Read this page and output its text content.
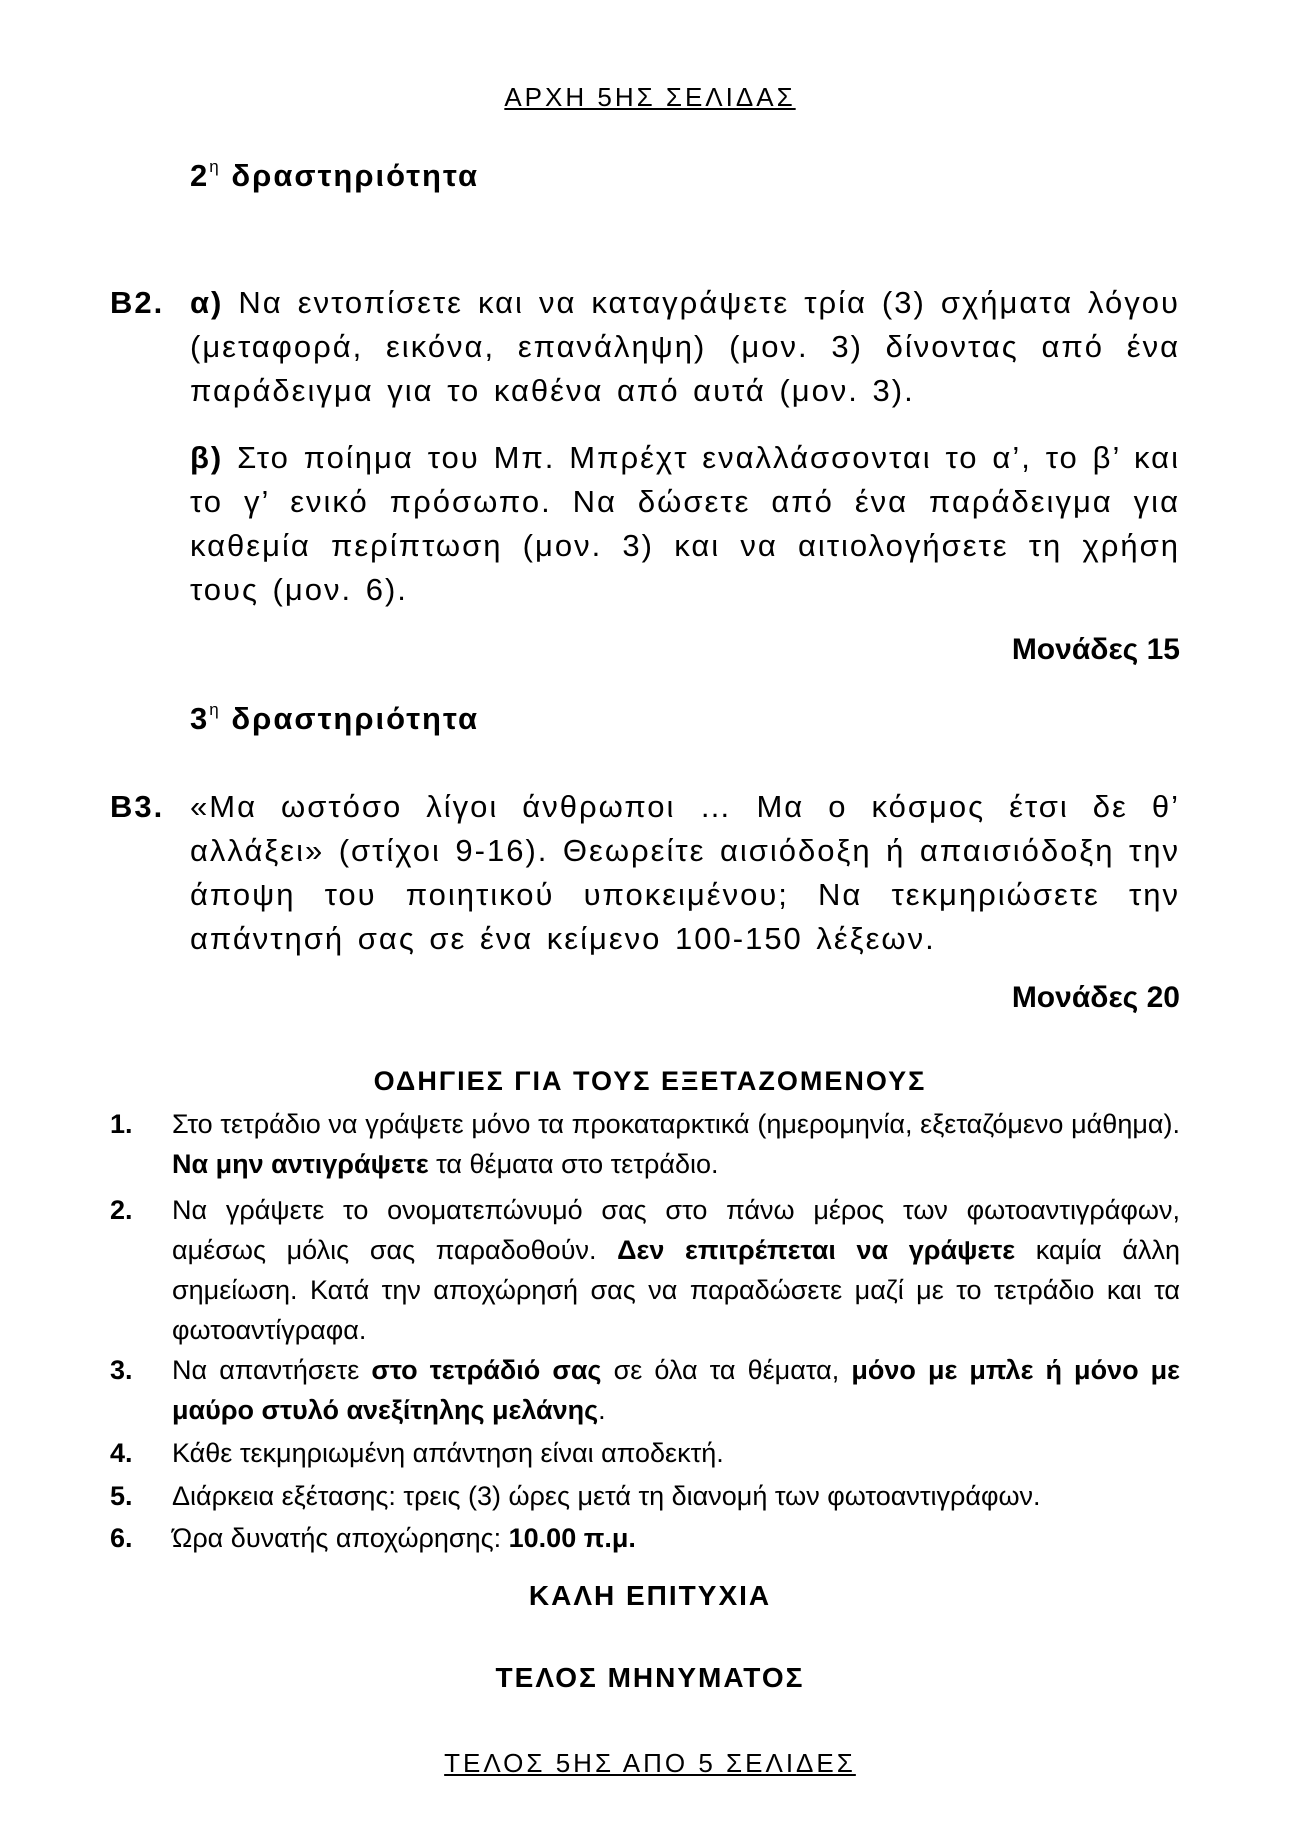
ΑΡΧΗ 5ΗΣ ΣΕΛΙΔΑΣ
$2^\eta$ δραστηριότητα
Β2. α) Να εντοπίσετε και να καταγράψετε τρία (3) σχήματα λόγου (μεταφορά, εικόνα, επανάληψη) (μον. 3) δίνοντας από ένα παράδειγμα για το καθένα από αυτά (μον. 3).
β) Στο ποίημα του Μπ. Μπρέχτ εναλλάσσονται το α’, το β’ και το γ’ ενικό πρόσωπο. Να δώσετε από ένα παράδειγμα για καθεμία περίπτωση (μον. 3) και να αιτιολογήσετε τη χρήση τους (μον. 6).
Μονάδες 15
$3^\eta$ δραστηριότητα
Β3. «Μα ωστόσο λίγοι άνθρωποι … Μα ο κόσμος έτσι δε θ’ αλλάξει» (στίχοι 9-16). Θεωρείτε αισιόδοξη ή απαισιόδοξη την άποψη του ποιητικού υποκειμένου; Να τεκμηριώσετε την απάντησή σας σε ένα κείμενο 100-150 λέξεων.
Μονάδες 20
ΟΔΗΓΙΕΣ ΓΙΑ ΤΟΥΣ ΕΞΕΤΑΖΟΜΕΝΟΥΣ
1. Στο τετράδιο να γράψετε μόνο τα προκαταρκτικά (ημερομηνία, εξεταζόμενο μάθημα). Να μην αντιγράψετε τα θέματα στο τετράδιο.
2. Να γράψετε το ονοματεπώνυμό σας στο πάνω μέρος των φωτοαντιγράφων, αμέσως μόλις σας παραδοθούν. Δεν επιτρέπεται να γράψετε καμία άλλη σημείωση. Κατά την αποχώρησή σας να παραδώσετε μαζί με το τετράδιο και τα φωτοαντίγραφα.
3. Να απαντήσετε στο τετράδιό σας σε όλα τα θέματα, μόνο με μπλε ή μόνο με μαύρο στυλό ανεξίτηλης μελάνης.
4. Κάθε τεκμηριωμένη απάντηση είναι αποδεκτή.
5. Διάρκεια εξέτασης: τρεις (3) ώρες μετά τη διανομή των φωτοαντιγράφων.
6. Ώρα δυνατής αποχώρησης: 10.00 π.μ.
ΚΑΛΗ ΕΠΙΤΥΧΙΑ
ΤΕΛΟΣ ΜΗΝΥΜΑΤΟΣ
ΤΕΛΟΣ 5ΗΣ ΑΠΟ 5 ΣΕΛΙΔΕΣ
